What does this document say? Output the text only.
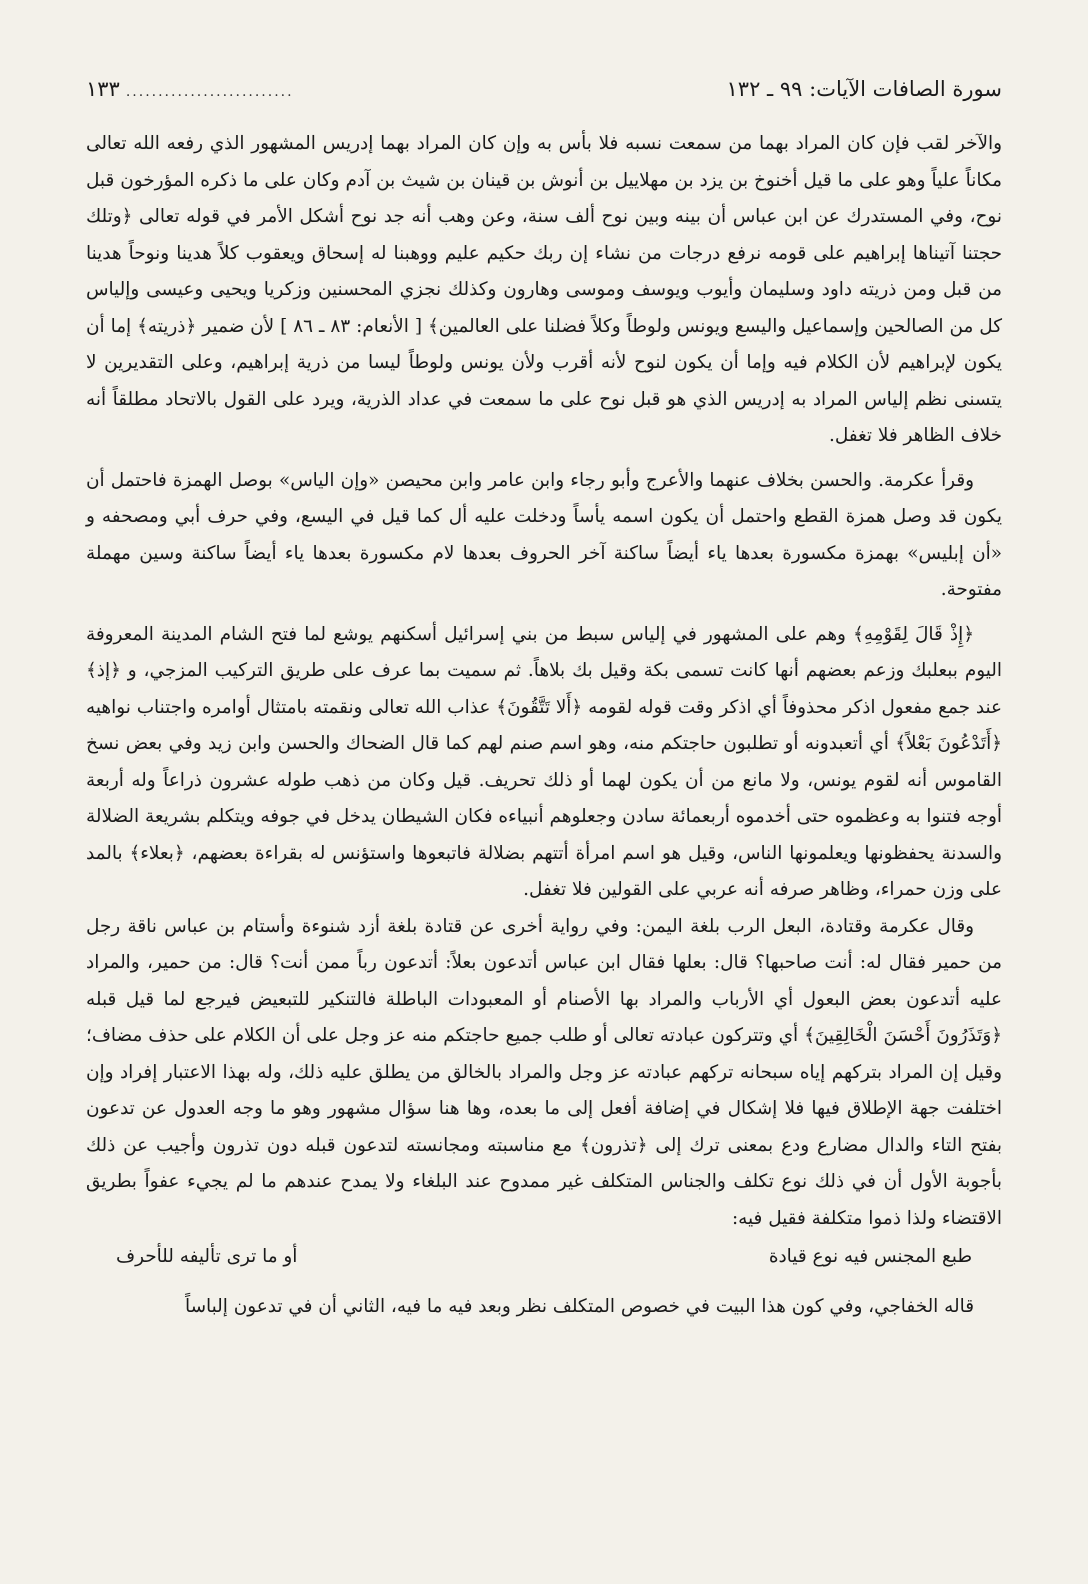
سورة الصافات الآيات: ٩٩ ـ ١٣٢
..........................
١٣٣

والآخر لقب فإن كان المراد بهما من سمعت نسبه فلا بأس به وإن كان المراد بهما إدريس المشهور الذي رفعه الله تعالى مكاناً علياً وهو على ما قيل أخنوخ بن يزد بن مهلاييل بن أنوش بن قينان بن شيث بن آدم وكان على ما ذكره المؤرخون قبل نوح، وفي المستدرك عن ابن عباس أن بينه وبين نوح ألف سنة، وعن وهب أنه جد نوح أشكل الأمر في قوله تعالى ﴿وتلك حجتنا آتيناها إبراهيم على قومه نرفع درجات من نشاء إن ربك حكيم عليم ووهبنا له إسحاق ويعقوب كلاً هدينا ونوحاً هدينا من قبل ومن ذريته داود وسليمان وأيوب ويوسف وموسى وهارون وكذلك نجزي المحسنين وزكريا ويحيى وعيسى وإلياس كل من الصالحين وإسماعيل واليسع ويونس ولوطاً وكلاً فضلنا على العالمين﴾ [ الأنعام: ٨٣ ـ ٨٦ ] لأن ضمير ﴿ذريته﴾ إما أن يكون لإبراهيم لأن الكلام فيه وإما أن يكون لنوح لأنه أقرب ولأن يونس ولوطاً ليسا من ذرية إبراهيم، وعلى التقديرين لا يتسنى نظم إلياس المراد به إدريس الذي هو قبل نوح على ما سمعت في عداد الذرية، ويرد على القول بالاتحاد مطلقاً أنه خلاف الظاهر فلا تغفل.

وقرأ عكرمة. والحسن بخلاف عنهما والأعرج وأبو رجاء وابن عامر وابن محيصن «وإن الياس» بوصل الهمزة فاحتمل أن يكون قد وصل همزة القطع واحتمل أن يكون اسمه يأساً ودخلت عليه أل كما قيل في اليسع، وفي حرف أبي ومصحفه و «أن إبليس» بهمزة مكسورة بعدها ياء أيضاً ساكنة آخر الحروف بعدها لام مكسورة بعدها ياء أيضاً ساكنة وسين مهملة مفتوحة.

﴿إِذْ قَالَ لِقَوْمِهِ﴾ وهم على المشهور في إلياس سبط من بني إسرائيل أسكنهم يوشع لما فتح الشام المدينة المعروفة اليوم ببعلبك وزعم بعضهم أنها كانت تسمى بكة وقيل بك بلاهاً. ثم سميت بما عرف على طريق التركيب المزجي، و ﴿إذ﴾ عند جمع مفعول اذكر محذوفاً أي اذكر وقت قوله لقومه ﴿أَلا تَتَّقُونَ﴾ عذاب الله تعالى ونقمته بامتثال أوامره واجتناب نواهيه ﴿أَتَدْعُونَ بَعْلاً﴾ أي أتعبدونه أو تطلبون حاجتكم منه، وهو اسم صنم لهم كما قال الضحاك والحسن وابن زيد وفي بعض نسخ القاموس أنه لقوم يونس، ولا مانع من أن يكون لهما أو ذلك تحريف. قيل وكان من ذهب طوله عشرون ذراعاً وله أربعة أوجه فتنوا به وعظموه حتى أخدموه أربعمائة سادن وجعلوهم أنبياءه فكان الشيطان يدخل في جوفه ويتكلم بشريعة الضلالة والسدنة يحفظونها ويعلمونها الناس، وقيل هو اسم امرأة أتتهم بضلالة فاتبعوها واستؤنس له بقراءة بعضهم، ﴿بعلاء﴾ بالمد على وزن حمراء، وظاهر صرفه أنه عربي على القولين فلا تغفل.

وقال عكرمة وقتادة، البعل الرب بلغة اليمن: وفي رواية أخرى عن قتادة بلغة أزد شنوءة وأستام بن عباس ناقة رجل من حمير فقال له: أنت صاحبها؟ قال: بعلها فقال ابن عباس أتدعون بعلاً: أتدعون رباً ممن أنت؟ قال: من حمير، والمراد عليه أتدعون بعض البعول أي الأرباب والمراد بها الأصنام أو المعبودات الباطلة فالتنكير للتبعيض فيرجع لما قيل قبله ﴿وَتَذَرُونَ أَحْسَنَ الْخَالِقِينَ﴾ أي وتتركون عبادته تعالى أو طلب جميع حاجتكم منه عز وجل على أن الكلام على حذف مضاف؛ وقيل إن المراد بتركهم إياه سبحانه تركهم عبادته عز وجل والمراد بالخالق من يطلق عليه ذلك، وله بهذا الاعتبار إفراد وإن اختلفت جهة الإطلاق فيها فلا إشكال في إضافة أفعل إلى ما بعده، وها هنا سؤال مشهور وهو ما وجه العدول عن تدعون بفتح التاء والدال مضارع ودع بمعنى ترك إلى ﴿تذرون﴾ مع مناسبته ومجانسته لتدعون قبله دون تذرون وأجيب عن ذلك بأجوبة الأول أن في ذلك نوع تكلف والجناس المتكلف غير ممدوح عند البلغاء ولا يمدح عندهم ما لم يجيء عفواً بطريق الاقتضاء ولذا ذموا متكلفة فقيل فيه:

طبع المجنس فيه نوع قيادة
أو ما ترى تأليفه للأحرف

قاله الخفاجي، وفي كون هذا البيت في خصوص المتكلف نظر وبعد فيه ما فيه، الثاني أن في تدعون إلباساً
